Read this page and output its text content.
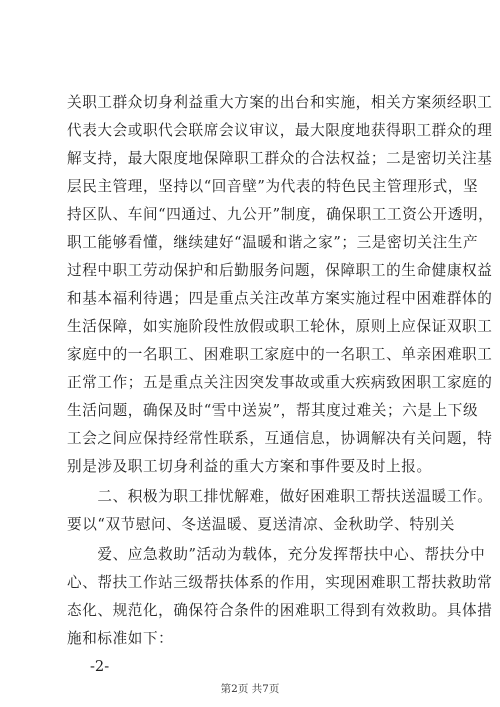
关职工群众切身利益重大方案的出台和实施，相关方案须经职工
代表大会或职代会联席会议审议，最大限度地获得职工群众的理
解支持，最大限度地保障职工群众的合法权益；二是密切关注基
层民主管理，坚持以“回音壁”为代表的特色民主管理形式，坚
持区队、车间“四通过、九公开”制度，确保职工工资公开透明，
职工能够看懂，继续建好“温暖和谐之家”；三是密切关注生产
过程中职工劳动保护和后勤服务问题，保障职工的生命健康权益
和基本福利待遇；四是重点关注改革方案实施过程中困难群体的
生活保障，如实施阶段性放假或职工轮休，原则上应保证双职工
家庭中的一名职工、困难职工家庭中的一名职工、单亲困难职工
正常工作；五是重点关注因突发事故或重大疾病致困职工家庭的
生活问题，确保及时“雪中送炭”，帮其度过难关；六是上下级
工会之间应保持经常性联系，互通信息，协调解决有关问题，特
别是涉及职工切身利益的重大方案和事件要及时上报。
　　二、积极为职工排忧解难，做好困难职工帮扶送温暖工作。
要以“双节慰问、冬送温暖、夏送清凉、金秋助学、特别关
　　爱、应急救助”活动为载体，充分发挥帮扶中心、帮扶分中
心、帮扶工作站三级帮扶体系的作用，实现困难职工帮扶救助常
态化、规范化，确保符合条件的困难职工得到有效救助。具体措
施和标准如下：
-2-
第2页 共7页
